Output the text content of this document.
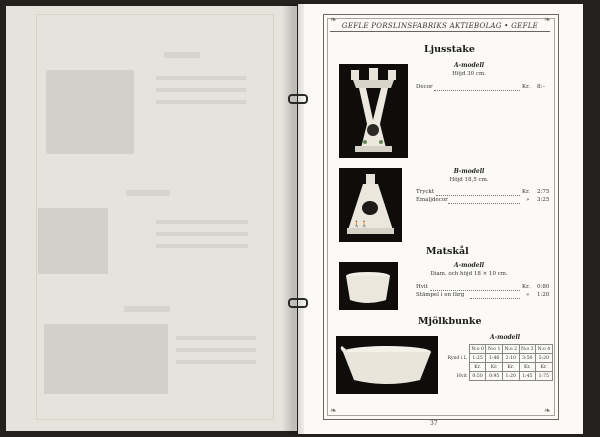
❧	❧
❧	❧
GEFLE PORSLINSFABRIKS AKTIEBOLAG • GEFLE
Ljusstake
A-modell
Höjd 30 cm.
Decor	Kr. 8:–
🚶🚶
B-modell
Höjd 18,5 cm.
Tryckt	Kr. 2:75
Emaljdecor	» 3:25
Matskål
A-modell
Diam. och höjd 18 × 10 cm.
Hvit	Kr. 0:80
Stämpel i en färg	» 1:20
Mjölkbunke
A-modell
	N:o 0	N:o 1	N:o 2	N:o 3	N:o 4
Rynd i L	1:25	1:46	2:10	3:50	5:20
	Kr.	Kr.	Kr.	Kr.	Kr.
Hvit	0:50	0:95	1:20	1:45	1:75
37
